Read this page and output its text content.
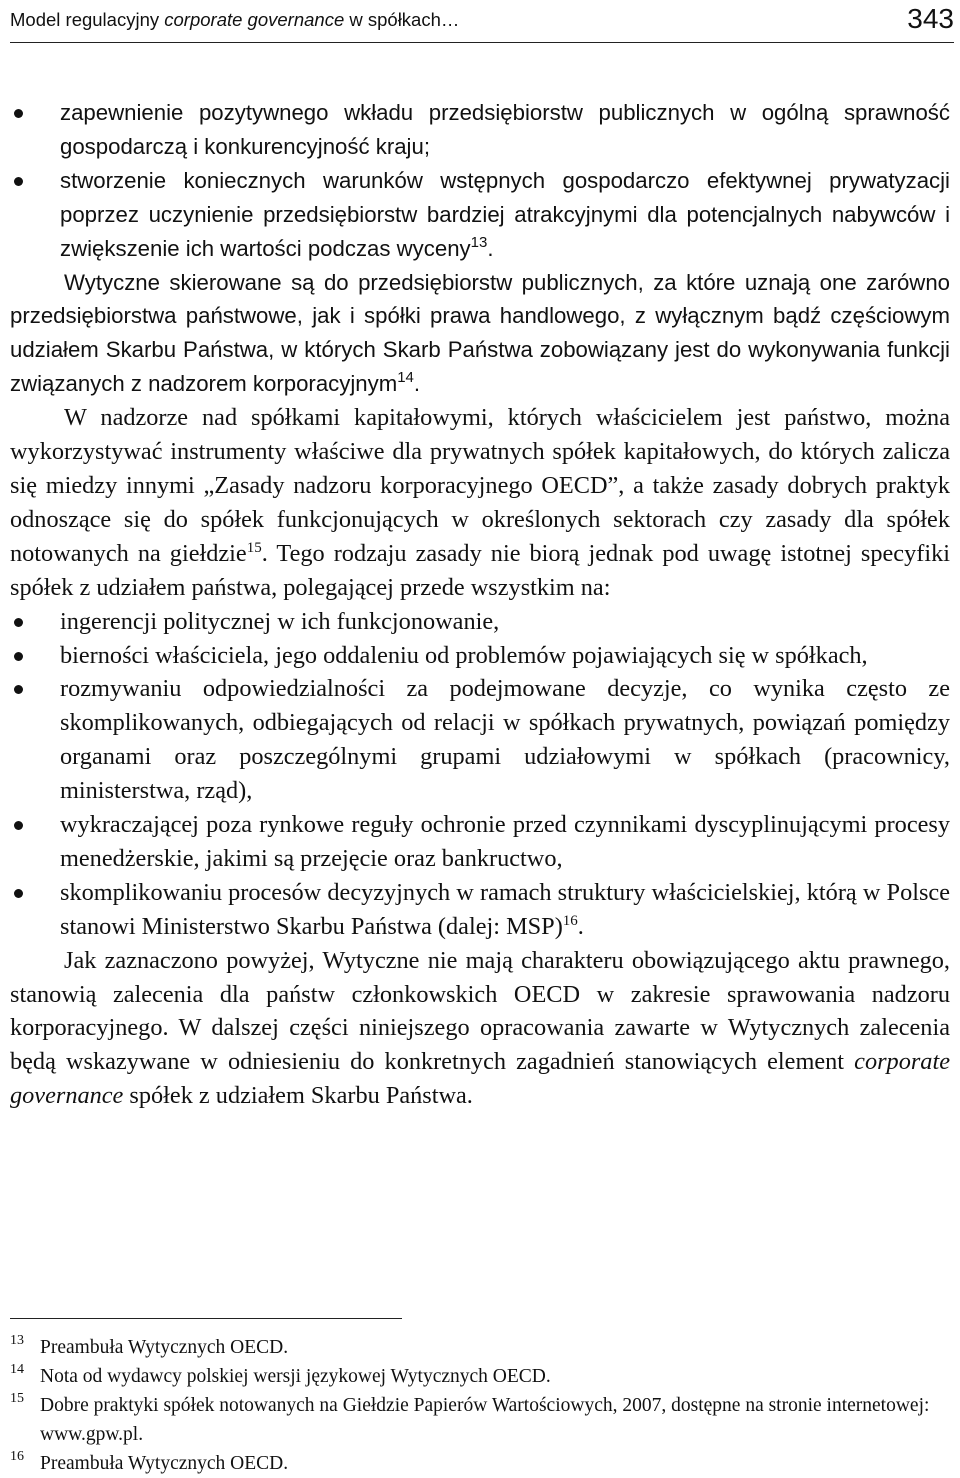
Model regulacyjny corporate governance w spółkach…	343
zapewnienie pozytywnego wkładu przedsiębiorstw publicznych w ogólną sprawność gospodarczą i konkurencyjność kraju;
stworzenie koniecznych warunków wstępnych gospodarczo efektywnej prywatyzacji poprzez uczynienie przedsiębiorstw bardziej atrakcyjnymi dla potencjalnych nabywców i zwiększenie ich wartości podczas wyceny$^{13}$.

Wytyczne skierowane są do przedsiębiorstw publicznych, za które uznają one zarówno przedsiębiorstwa państwowe, jak i spółki prawa handlowego, z wyłącznym bądź częściowym udziałem Skarbu Państwa, w których Skarb Państwa zobowiązany jest do wykonywania funkcji związanych z nadzorem korporacyjnym$^{14}$.

W nadzorze nad spółkami kapitałowymi, których właścicielem jest państwo, można wykorzystywać instrumenty właściwe dla prywatnych spółek kapitałowych, do których zalicza się miedzy innymi „Zasady nadzoru korporacyjnego OECD”, a także zasady dobrych praktyk odnoszące się do spółek funkcjonujących w określonych sektorach czy zasady dla spółek notowanych na giełdzie$^{15}$. Tego rodzaju zasady nie biorą jednak pod uwagę istotnej specyfiki spółek z udziałem państwa, polegającej przede wszystkim na:

ingerencji politycznej w ich funkcjonowanie,
bierności właściciela, jego oddaleniu od problemów pojawiających się w spółkach,
rozmywaniu odpowiedzialności za podejmowane decyzje, co wynika często ze skomplikowanych, odbiegających od relacji w spółkach prywatnych, powiązań pomiędzy organami oraz poszczególnymi grupami udziałowymi w spółkach (pracownicy, ministerstwa, rząd),
wykraczającej poza rynkowe reguły ochronie przed czynnikami dyscyplinującymi procesy menedżerskie, jakimi są przejęcie oraz bankructwo,
skomplikowaniu procesów decyzyjnych w ramach struktury właścicielskiej, którą w Polsce stanowi Ministerstwo Skarbu Państwa (dalej: MSP)$^{16}$.

Jak zaznaczono powyżej, Wytyczne nie mają charakteru obowiązującego aktu prawnego, stanowią zalecenia dla państw członkowskich OECD w zakresie sprawowania nadzoru korporacyjnego. W dalszej części niniejszego opracowania zawarte w Wytycznych zalecenia będą wskazywane w odniesieniu do konkretnych zagadnień stanowiących element corporate governance spółek z udziałem Skarbu Państwa.

13 Preambuła Wytycznych OECD.
14 Nota od wydawcy polskiej wersji językowej Wytycznych OECD.
15 Dobre praktyki spółek notowanych na Giełdzie Papierów Wartościowych, 2007, dostępne na stronie internetowej: www.gpw.pl.
16 Preambuła Wytycznych OECD.
